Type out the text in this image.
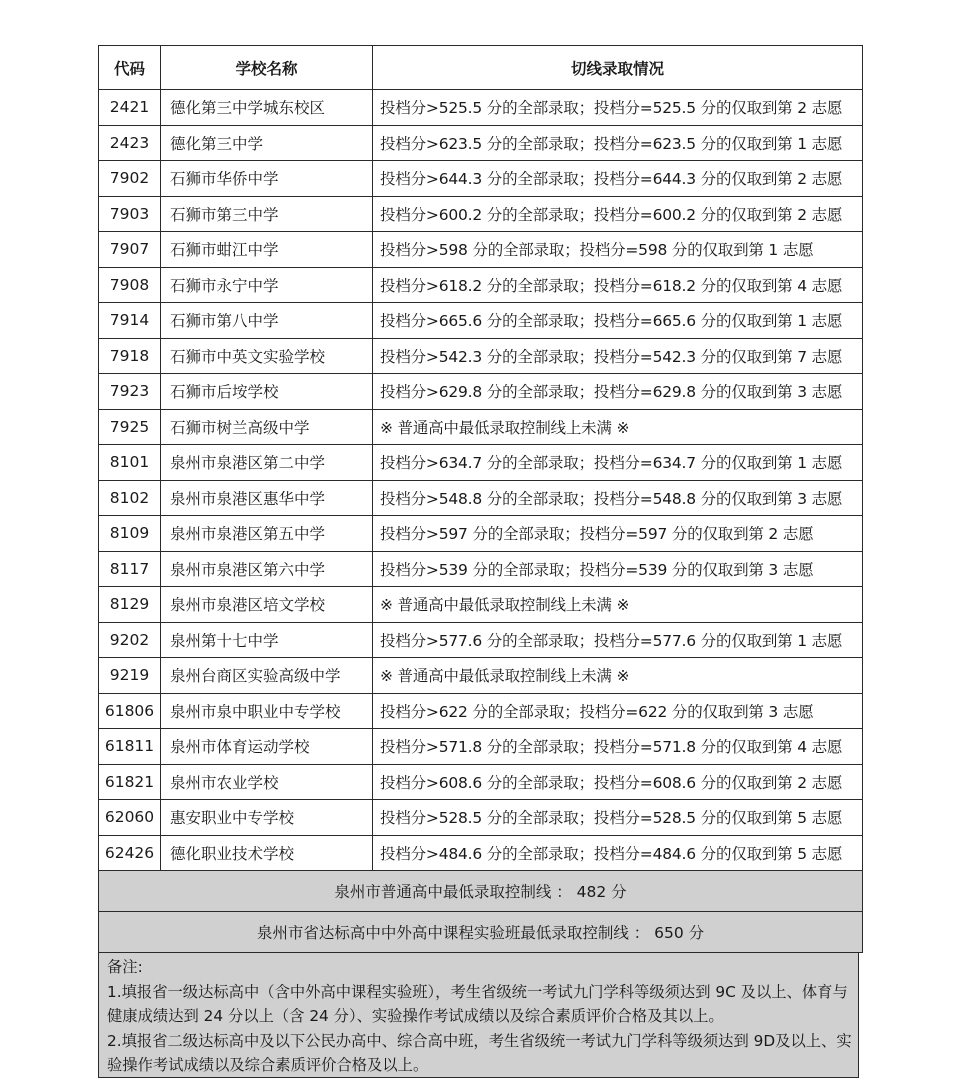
代码	学校名称	切线录取情况
2421	德化第三中学城东校区	投档分>525.5 分的全部录取；投档分=525.5 分的仅取到第 2 志愿
2423	德化第三中学	投档分>623.5 分的全部录取；投档分=623.5 分的仅取到第 1 志愿
7902	石狮市华侨中学	投档分>644.3 分的全部录取；投档分=644.3 分的仅取到第 2 志愿
7903	石狮市第三中学	投档分>600.2 分的全部录取；投档分=600.2 分的仅取到第 2 志愿
7907	石狮市蚶江中学	投档分>598 分的全部录取；投档分=598 分的仅取到第 1 志愿
7908	石狮市永宁中学	投档分>618.2 分的全部录取；投档分=618.2 分的仅取到第 4 志愿
7914	石狮市第八中学	投档分>665.6 分的全部录取；投档分=665.6 分的仅取到第 1 志愿
7918	石狮市中英文实验学校	投档分>542.3 分的全部录取；投档分=542.3 分的仅取到第 7 志愿
7923	石狮市后垵学校	投档分>629.8 分的全部录取；投档分=629.8 分的仅取到第 3 志愿
7925	石狮市树兰高级中学	※ 普通高中最低录取控制线上未满 ※
8101	泉州市泉港区第二中学	投档分>634.7 分的全部录取；投档分=634.7 分的仅取到第 1 志愿
8102	泉州市泉港区惠华中学	投档分>548.8 分的全部录取；投档分=548.8 分的仅取到第 3 志愿
8109	泉州市泉港区第五中学	投档分>597 分的全部录取；投档分=597 分的仅取到第 2 志愿
8117	泉州市泉港区第六中学	投档分>539 分的全部录取；投档分=539 分的仅取到第 3 志愿
8129	泉州市泉港区培文学校	※ 普通高中最低录取控制线上未满 ※
9202	泉州第十七中学	投档分>577.6 分的全部录取；投档分=577.6 分的仅取到第 1 志愿
9219	泉州台商区实验高级中学	※ 普通高中最低录取控制线上未满 ※
61806	泉州市泉中职业中专学校	投档分>622 分的全部录取；投档分=622 分的仅取到第 3 志愿
61811	泉州市体育运动学校	投档分>571.8 分的全部录取；投档分=571.8 分的仅取到第 4 志愿
61821	泉州市农业学校	投档分>608.6 分的全部录取；投档分=608.6 分的仅取到第 2 志愿
62060	惠安职业中专学校	投档分>528.5 分的全部录取；投档分=528.5 分的仅取到第 5 志愿
62426	德化职业技术学校	投档分>484.6 分的全部录取；投档分=484.6 分的仅取到第 5 志愿
泉州市普通高中最低录取控制线 ： 482 分		
泉州市省达标高中中外高中课程实验班最低录取控制线 ： 650 分		

备注:

1.填报省一级达标高中（含中外高中课程实验班），考生省级统一考试九门学科等级须达到 9C 及以上、体育与健康成绩达到 24 分以上（含 24 分）、实验操作考试成绩以及综合素质评价合格及其以上。

2.填报省二级达标高中及以下公民办高中、综合高中班，考生省级统一考试九门学科等级须达到 9D及以上、实验操作考试成绩以及综合素质评价合格及以上。
